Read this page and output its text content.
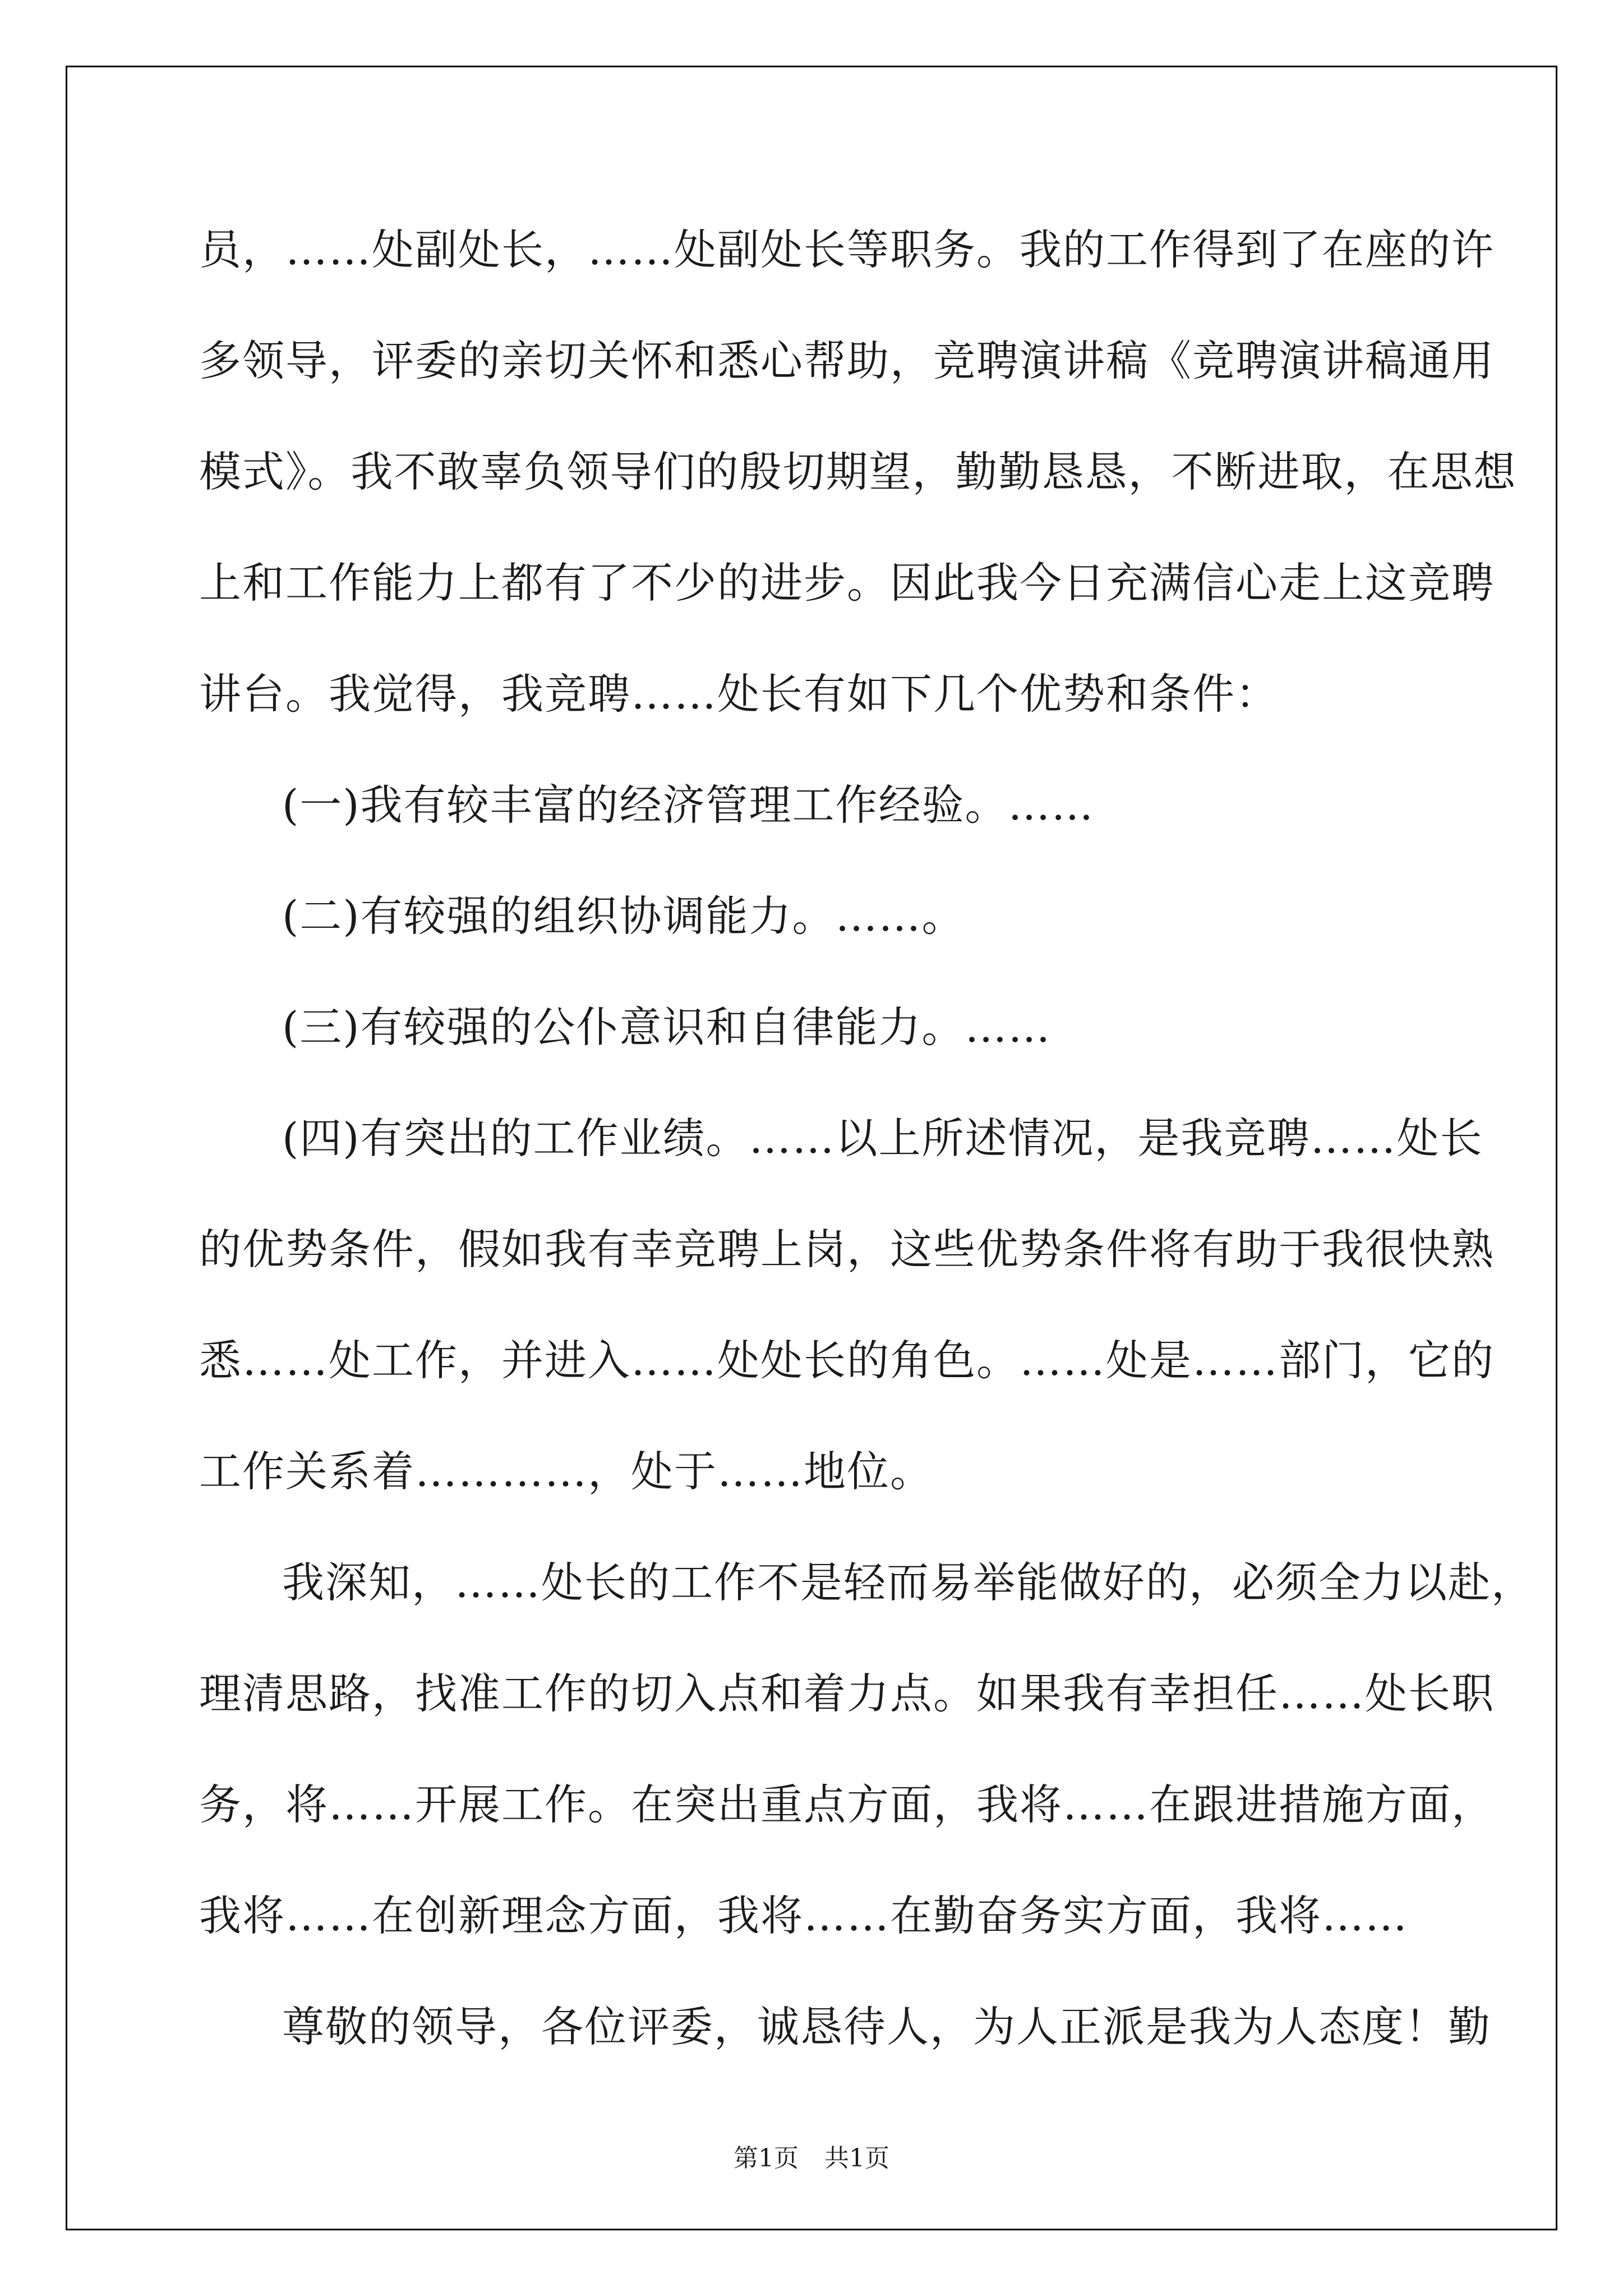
员，……处副处长，……处副处长等职务。我的工作得到了在座的许
多领导，评委的亲切关怀和悉心帮助，竞聘演讲稿《竞聘演讲稿通用
模式》。我不敢辜负领导们的殷切期望，勤勤恳恳，不断进取，在思想
上和工作能力上都有了不少的进步。因此我今日充满信心走上这竞聘
讲台。我觉得，我竞聘……处长有如下几个优势和条件：
(一)我有较丰富的经济管理工作经验。……
(二)有较强的组织协调能力。……。
(三)有较强的公仆意识和自律能力。……
(四)有突出的工作业绩。……以上所述情况，是我竞聘……处长
的优势条件，假如我有幸竞聘上岗，这些优势条件将有助于我很快熟
悉……处工作，并进入……处处长的角色。……处是……部门，它的
工作关系着…………，处于……地位。
我深知，……处长的工作不是轻而易举能做好的，必须全力以赴，
理清思路，找准工作的切入点和着力点。如果我有幸担任……处长职
务，将……开展工作。在突出重点方面，我将……在跟进措施方面，
我将……在创新理念方面，我将……在勤奋务实方面，我将……
尊敬的领导，各位评委，诚恳待人，为人正派是我为人态度！勤
第1页 共1页
